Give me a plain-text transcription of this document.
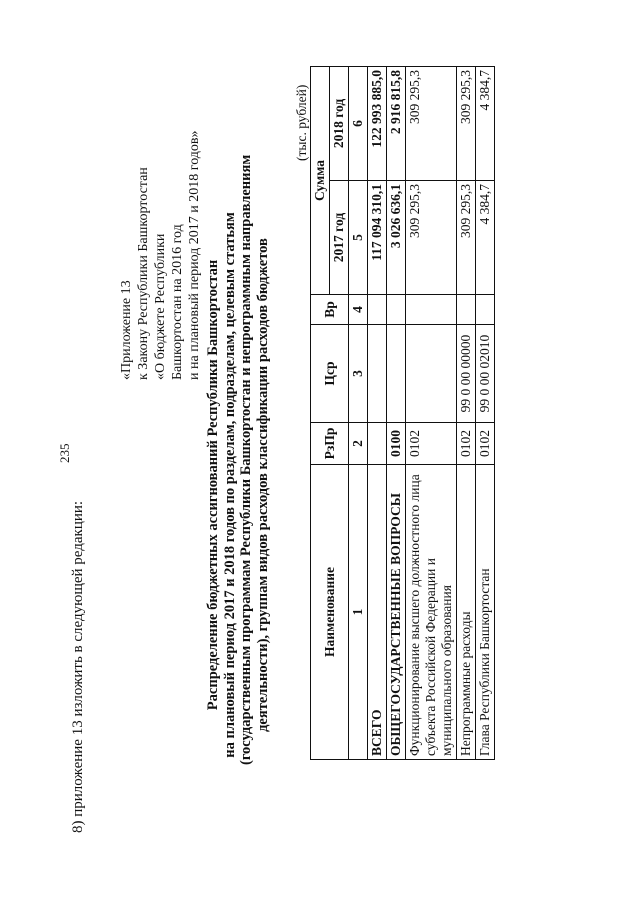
235
8) приложение 13 изложить в следующей редакции:
«Приложение 13 к Закону Республики Башкортостан «О бюджете Республики Башкортостан на 2016 год и на плановый период 2017 и 2018 годов»
Распределение бюджетных ассигнований Республики Башкортостан на плановый период 2017 и 2018 годов по разделам, подразделам, целевым статьям (государственным программам Республики Башкортостан и непрограммным направлениям деятельности), группам видов расходов классификации расходов бюджетов
(тыс. рублей)
Наименование	РзПр	Цср	Вр	Сумма	
				2017 год	2018 год
1	2	3	4	5	6
ВСЕГО				117 094 310,1	122 993 885,0
ОБЩЕГОСУДАРСТВЕННЫЕ ВОПРОСЫ	0100			3 026 636,1	2 916 815,8
Функционирование высшего должностного лица субъекта Российской Федерации и муниципального образования	0102			309 295,3	309 295,3
Непрограммные расходы	0102	99 0 00 00000		309 295,3	309 295,3
Глава Республики Башкортостан	0102	99 0 00 02010		4 384,7	4 384,7
